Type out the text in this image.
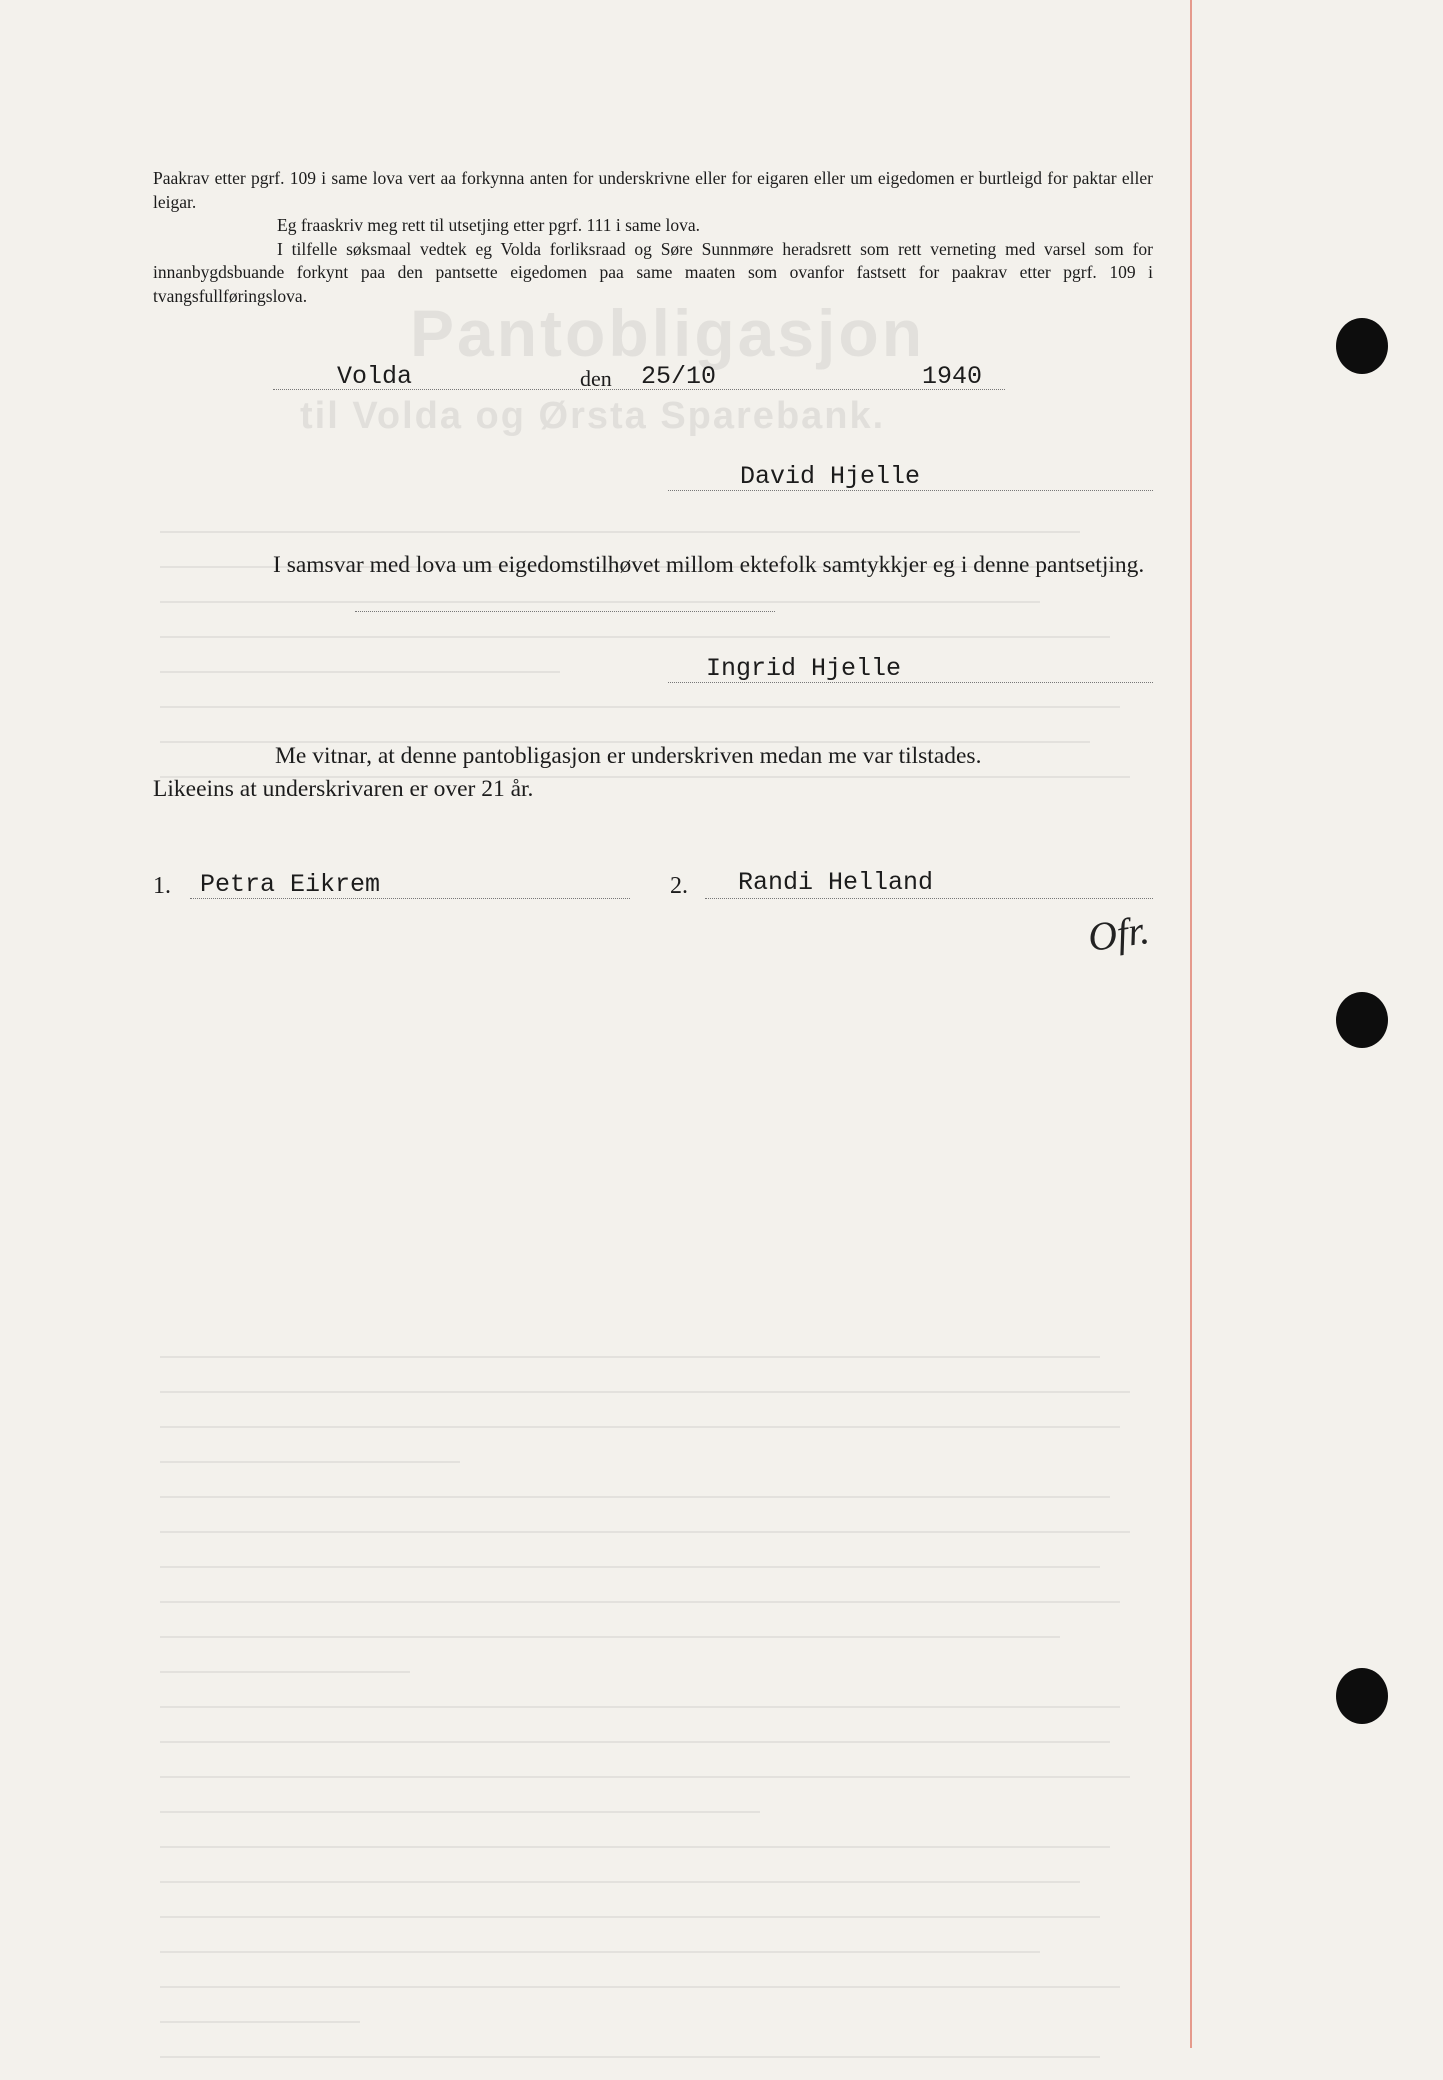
Pantobligasjon
til Volda og Ørsta Sparebank.
Paakrav etter pgrf. 109 i same lova vert aa forkynna anten for underskrivne eller for eigaren eller um eigedomen er burtleigd for paktar eller leigar.
Eg fraaskriv meg rett til utsetjing etter pgrf. 111 i same lova.
I tilfelle søksmaal vedtek eg Volda forliksraad og Søre Sunnmøre heradsrett som rett verneting med varsel som for innanbygdsbuande forkynt paa den pantsette eigedomen paa same maaten som ovanfor fastsett for paakrav etter pgrf. 109 i tvangsfullføringslova.
Volda	den 25/10	1940
David Hjelle
I samsvar med lova um eigedomstilhøvet millom ektefolk samtykkjer eg i denne pantsetjing.
Ingrid Hjelle
Me vitnar, at denne pantobligasjon er underskriven medan me var tilstades.
Likeeins at underskrivaren er over 21 år.
1. Petra Eikrem	2. Randi Helland
Ofr.
